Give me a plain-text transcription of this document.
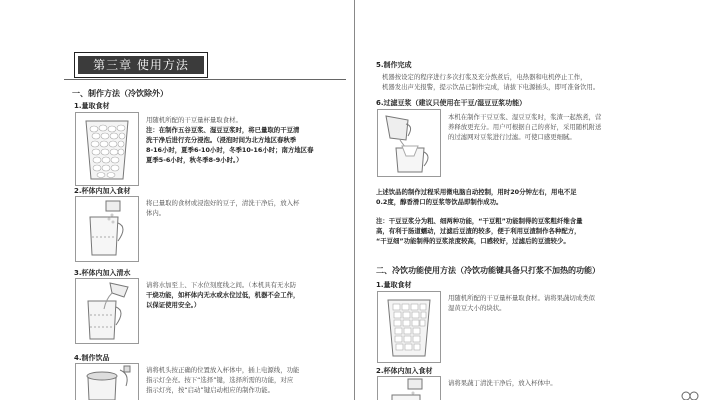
第三章 使用方法
一、制作方法（冷饮除外）
1.量取食材
用随机所配的干豆量杯量取食材。
注：在制作五谷豆浆、湿豆豆浆时，将已量取的干豆清
洗干净后进行充分浸泡。（浸泡时间为北方地区春秋季
8-16小时，夏季6-10小时，冬季10-16小时；南方地区春
夏季5-6小时，秋冬季8-9小时。）
2.杯体内加入食材
将已量取的食材或浸泡好的豆子，清洗干净后，放入杯
体内。
3.杯体内加入清水
请将水加至上、下水位刻度线之间。（本机具有无水防
干烧功能，如杯体内无水或水位过低，机器不会工作，
以保证使用安全。）
4.制作饮品
请将机头按正确的位置放入杯体中，插上电源线，功能
指示灯全亮。按下“选择”键，选择所需的功能，对应
指示灯亮，按“启动”键启动相应的制作功能。
5.制作完成
机器按设定的程序进行多次打浆及充分熬煮后，电热器和电机停止工作，
机器发出声光报警，提示饮品已制作完成，请拔下电源插头，即可准备饮用。
6.过滤豆浆（建议只使用在干豆/湿豆豆浆功能）
本机在制作干豆豆浆、湿豆豆浆时，浆渣一起熬煮，营
养释放更充分。用户可根据自己的喜好，采用随机附送
的过滤网对豆浆进行过滤。可使口感更细腻。
上述饮品的制作过程采用微电脑自动控制，用时20分钟左右，用电不足
0.2度，醇香滑口的豆浆等饮品即制作成功。
注：干豆豆浆分为粗、细两种功能，“干豆粗”功能制得的豆浆粗纤维含量
高，有利于肠道蠕动，过滤后豆渣的较多，便于利用豆渣制作各种配方，
“干豆细”功能制得的豆浆浓度较高，口感较好，过滤后的豆渣较少。
二、冷饮功能使用方法（冷饮功能键具备只打浆不加热的功能）
1.量取食材
用随机所配的干豆量杯量取食材。请将果蔬切成类似
湿黄豆大小的块状。
2.杯体内加入食材
请将果蔬丁清洗干净后，放入杯体中。
